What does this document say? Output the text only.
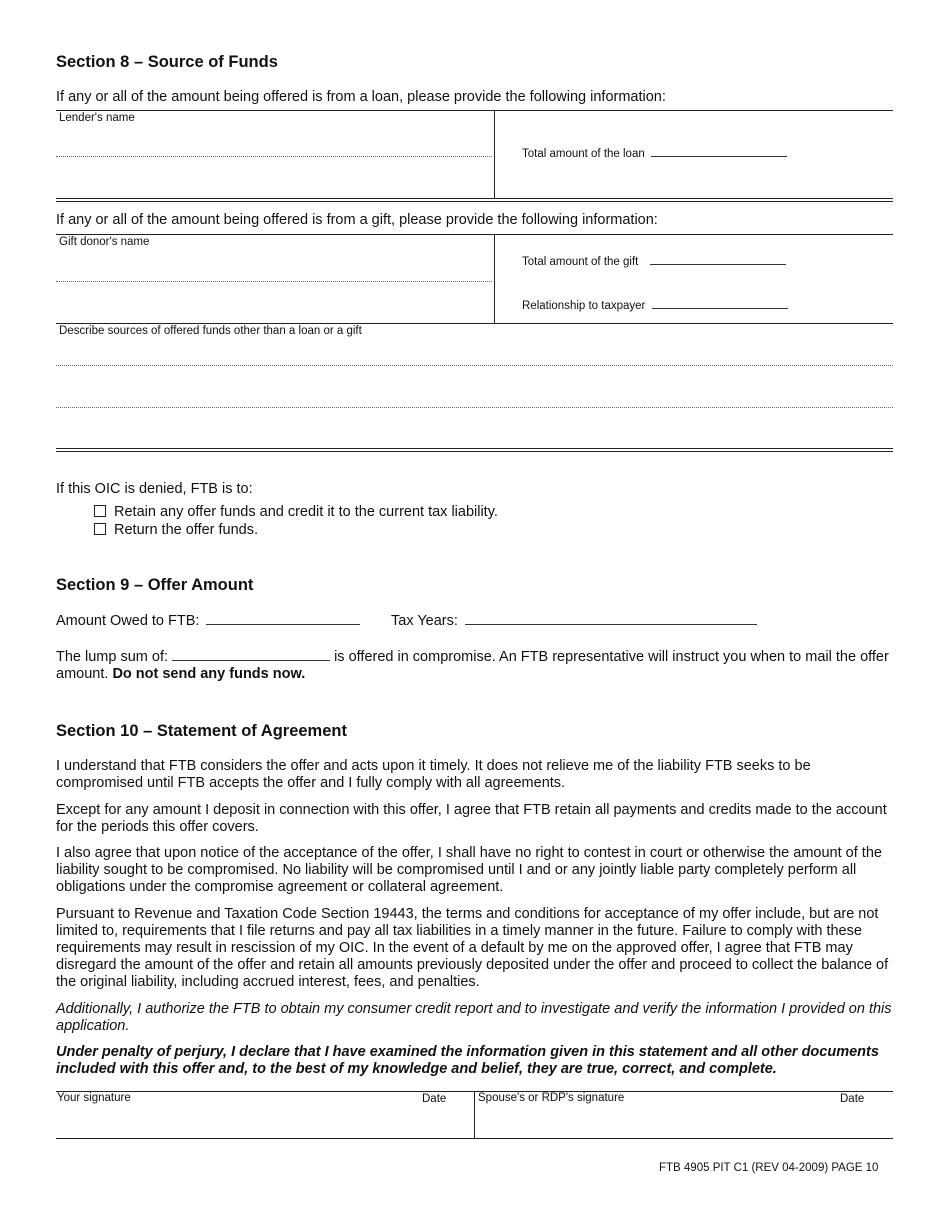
Section 8 – Source of Funds
If any or all of the amount being offered is from a loan, please provide the following information:
Lender's name
Total amount of the loan
If any or all of the amount being offered is from a gift, please provide the following information:
Gift donor's name
Total amount of the gift
Relationship to taxpayer
Describe sources of offered funds other than a loan or a gift
If this OIC is denied, FTB is to:
Retain any offer funds and credit it to the current tax liability.
Return the offer funds.
Section 9 – Offer Amount
Amount Owed to FTB:	Tax Years:

The lump sum of:	is offered in compromise. An FTB representative will instruct you when to mail the offer amount. Do not send any funds now.

Section 10 – Statement of Agreement

I understand that FTB considers the offer and acts upon it timely. It does not relieve me of the liability FTB seeks to be compromised until FTB accepts the offer and I fully comply with all agreements.

Except for any amount I deposit in connection with this offer, I agree that FTB retain all payments and credits made to the account for the periods this offer covers.

I also agree that upon notice of the acceptance of the offer, I shall have no right to contest in court or otherwise the amount of the liability sought to be compromised. No liability will be compromised until I and or any jointly liable party completely perform all obligations under the compromise agreement or collateral agreement.

Pursuant to Revenue and Taxation Code Section 19443, the terms and conditions for acceptance of my offer include, but are not limited to, requirements that I file returns and pay all tax liabilities in a timely manner in the future. Failure to comply with these requirements may result in rescission of my OIC. In the event of a default by me on the approved offer, I agree that FTB may disregard the amount of the offer and retain all amounts previously deposited under the offer and proceed to collect the balance of the original liability, including accrued interest, fees, and penalties.

Additionally, I authorize the FTB to obtain my consumer credit report and to investigate and verify the information I provided on this application.

Under penalty of perjury, I declare that I have examined the information given in this statement and all other documents included with this offer and, to the best of my knowledge and belief, they are true, correct, and complete.

Your signature	Date	Spouse's or RDP's signature	Date
FTB 4905 PIT C1 (REV 04-2009) PAGE 10
